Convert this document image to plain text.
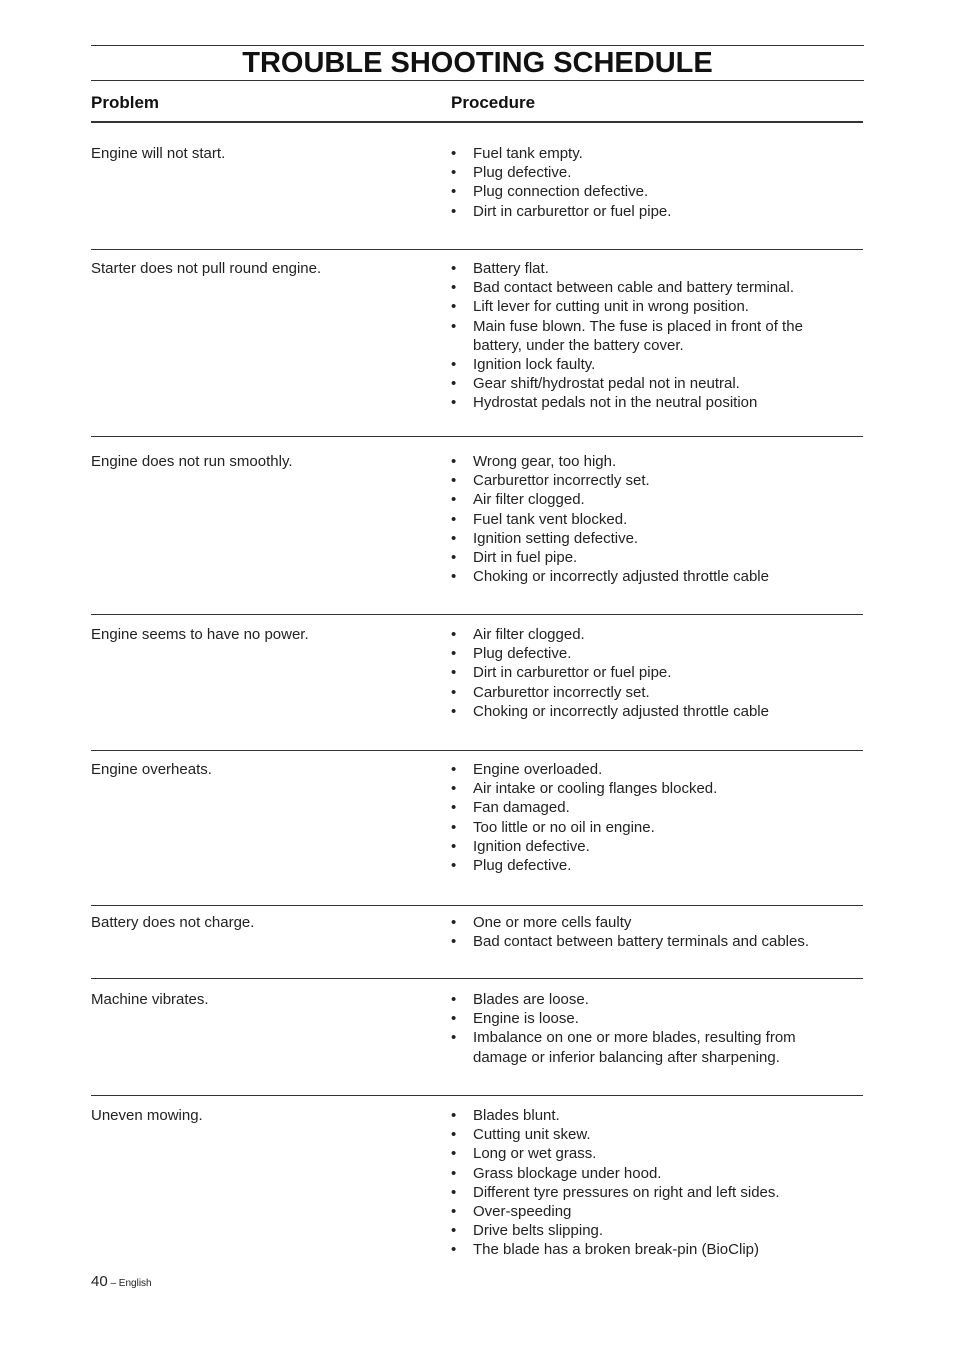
TROUBLE SHOOTING SCHEDULE
Problem	Procedure
Engine will not start.	• Fuel tank empty.
• Plug defective.
• Plug connection defective.
• Dirt in carburettor or fuel pipe.
Starter does not pull round engine.	• Battery flat.
• Bad contact between cable and battery terminal.
• Lift lever for cutting unit in wrong position.
• Main fuse blown. The fuse is placed in front of the battery, under the battery cover.
• Ignition lock faulty.
• Gear shift/hydrostat pedal not in neutral.
• Hydrostat pedals not in the neutral position
Engine does not run smoothly.	• Wrong gear, too high.
• Carburettor incorrectly set.
• Air filter clogged.
• Fuel tank vent blocked.
• Ignition setting defective.
• Dirt in fuel pipe.
• Choking or incorrectly adjusted throttle cable
Engine seems to have no power.	• Air filter clogged.
• Plug defective.
• Dirt in carburettor or fuel pipe.
• Carburettor incorrectly set.
• Choking or incorrectly adjusted throttle cable
Engine overheats.	• Engine overloaded.
• Air intake or cooling flanges blocked.
• Fan damaged.
• Too little or no oil in engine.
• Ignition defective.
• Plug defective.
Battery does not charge.	• One or more cells faulty
• Bad contact between battery terminals and cables.
Machine vibrates.	• Blades are loose.
• Engine is loose.
• Imbalance on one or more blades, resulting from damage or inferior balancing after sharpening.
Uneven mowing.	• Blades blunt.
• Cutting unit skew.
• Long or wet grass.
• Grass blockage under hood.
• Different tyre pressures on right and left sides.
• Over-speeding
• Drive belts slipping.
• The blade has a broken break-pin (BioClip)
40 – English
